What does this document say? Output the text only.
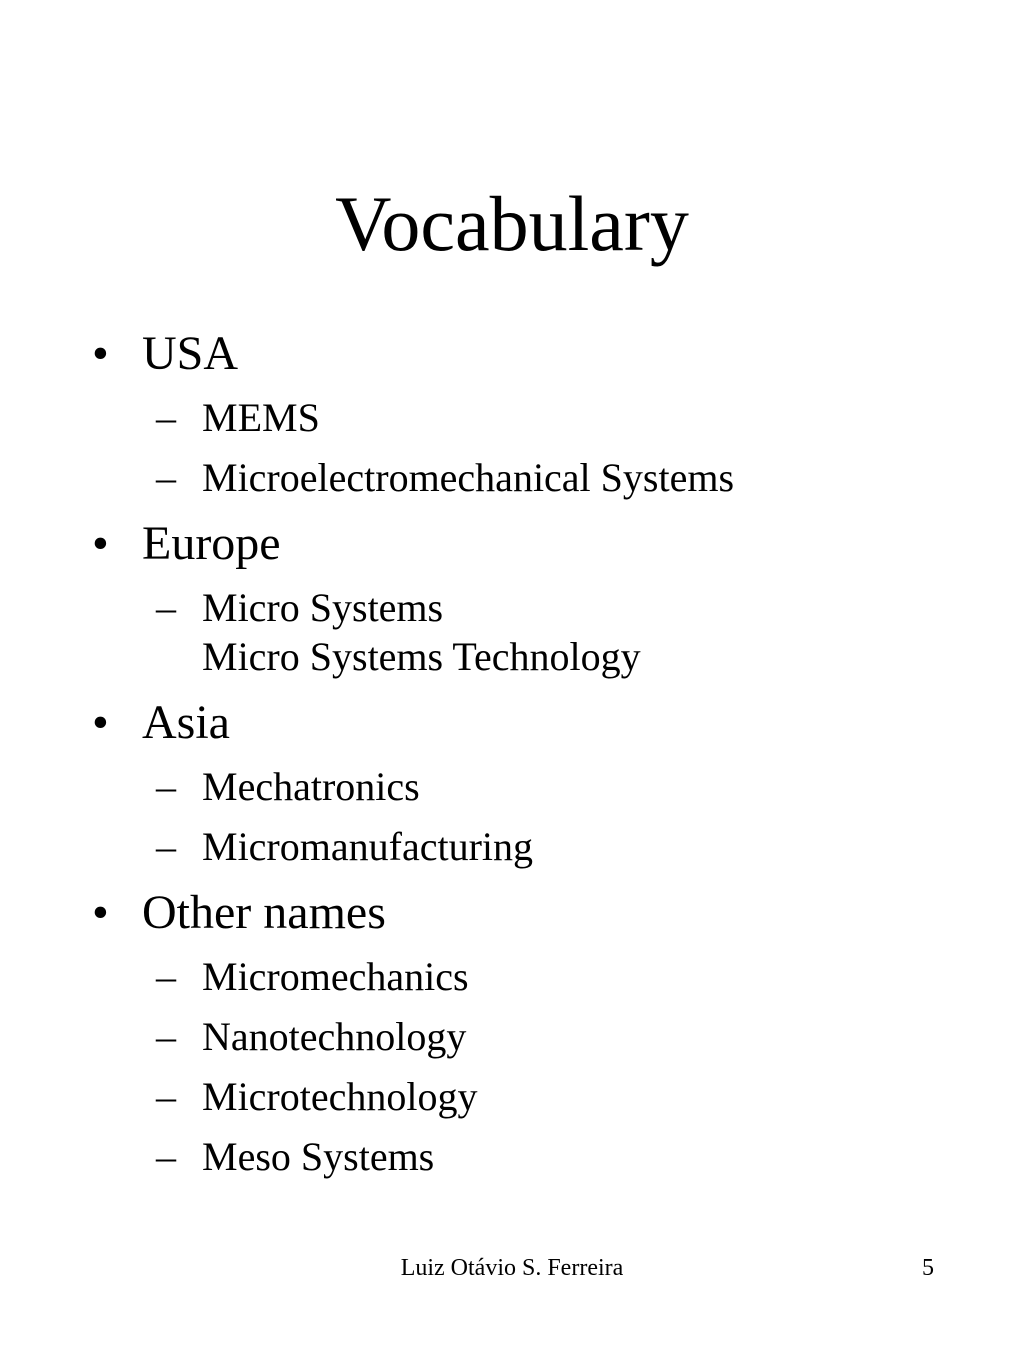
Vocabulary
• USA
– MEMS
– Microelectromechanical Systems
• Europe
– Micro Systems
Micro Systems Technology
• Asia
– Mechatronics
– Micromanufacturing
• Other names
– Micromechanics
– Nanotechnology
– Microtechnology
– Meso Systems
Luiz Otávio S. Ferreira	5
